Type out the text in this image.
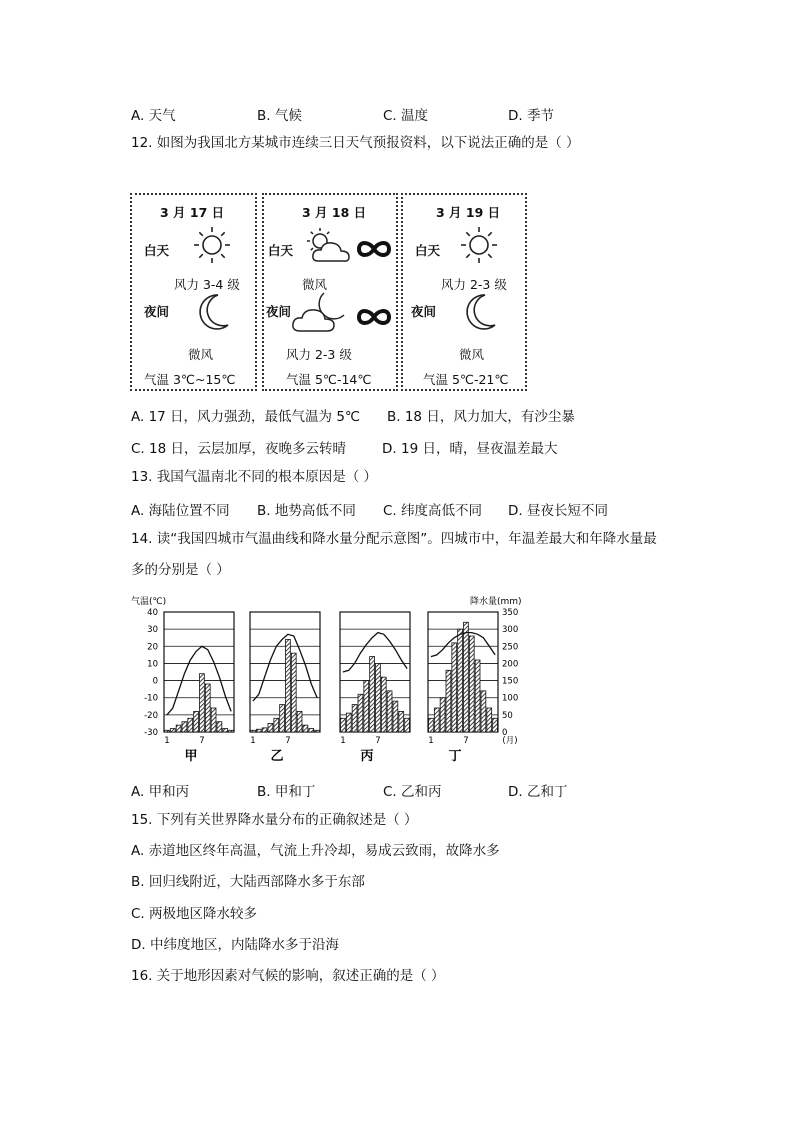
A. 天气	B. 气候	C. 温度	D. 季节
12. 如图为我国北方某城市连续三日天气预报资料，以下说法正确的是（ ）
3 月 17 日
白天
风力 3-4 级
夜间
微风
气温 3℃~15℃
3 月 18 日
白天
微风
夜间
风力 2-3 级
气温 5℃-14℃
3 月 19 日
白天
风力 2-3 级
夜间
微风
气温 5℃-21℃
A. 17 日，风力强劲，最低气温为 5℃ B. 18 日，风力加大，有沙尘暴
C. 18 日，云层加厚，夜晚多云转晴	D. 19 日，晴，昼夜温差最大
13. 我国气温南北不同的根本原因是（ ）
A. 海陆位置不同 B. 地势高低不同 C. 纬度高低不同 D. 昼夜长短不同
14. 读“我国四城市气温曲线和降水量分配示意图”。四城市中，年温差最大和年降水量最
多的分别是（ ）
气温(℃)	降水量(mm)
40
30
20
10
0
-10
-20
-30
350
300
250
200
150
100
50
0
1	7
甲
1	7
乙
1	7
丙
1	7
丁
(月)
A. 甲和丙	B. 甲和丁	C. 乙和丙	D. 乙和丁
15. 下列有关世界降水量分布的正确叙述是（ ）
A. 赤道地区终年高温，气流上升冷却，易成云致雨，故降水多
B. 回归线附近，大陆西部降水多于东部
C. 两极地区降水较多
D. 中纬度地区，内陆降水多于沿海
16. 关于地形因素对气候的影响，叙述正确的是（ ）
